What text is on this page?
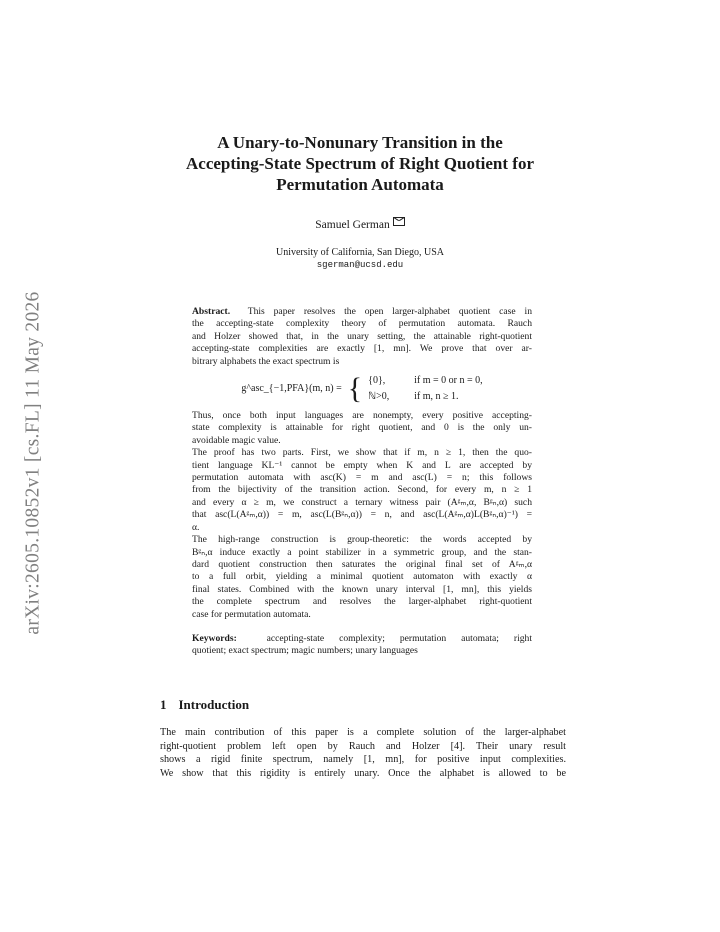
arXiv:2605.10852v1 [cs.FL] 11 May 2026
A Unary-to-Nonunary Transition in the
Accepting-State Spectrum of Right Quotient for
Permutation Automata
Samuel German
University of California, San Diego, USA
sgerman@ucsd.edu

Abstract. This paper resolves the open larger-alphabet quotient case in
the accepting-state complexity theory of permutation automata. Rauch
and Holzer showed that, in the unary setting, the attainable right-quotient
accepting-state complexities are exactly [1, mn]. We prove that over ar-
bitrary alphabets the exact spectrum is

g^asc_{−1,PFA}(m, n) = { {0},	if m = 0 or n = 0,
ℕ>0,	if m, n ≥ 1.

Thus, once both input languages are nonempty, every positive accepting-
state complexity is attainable for right quotient, and 0 is the only un-
avoidable magic value.

The proof has two parts. First, we show that if m, n ≥ 1, then the quo-
tient language KL⁻¹ cannot be empty when K and L are accepted by
permutation automata with asc(K) = m and asc(L) = n; this follows
from the bijectivity of the transition action. Second, for every m, n ≥ 1
and every α ≥ m, we construct a ternary witness pair (Aᵍₘ,α, Bᵍₙ,α) such
that asc(L(Aᵍₘ,α)) = m, asc(L(Bᵍₙ,α)) = n, and asc(L(Aᵍₘ,α)L(Bᵍₙ,α)⁻¹) =
α.

The high-range construction is group-theoretic: the words accepted by
Bᵍₙ,α induce exactly a point stabilizer in a symmetric group, and the stan-
dard quotient construction then saturates the original final set of Aᵍₘ,α
to a full orbit, yielding a minimal quotient automaton with exactly α
final states. Combined with the known unary interval [1, mn], this yields
the complete spectrum and resolves the larger-alphabet right-quotient
case for permutation automata.

Keywords:	accepting-state complexity; permutation automata; right
quotient; exact spectrum; magic numbers; unary languages

1 Introduction
The main contribution of this paper is a complete solution of the larger-alphabet
right-quotient problem left open by Rauch and Holzer [4]. Their unary result
shows a rigid finite spectrum, namely [1, mn], for positive input complexities.
We show that this rigidity is entirely unary. Once the alphabet is allowed to be
